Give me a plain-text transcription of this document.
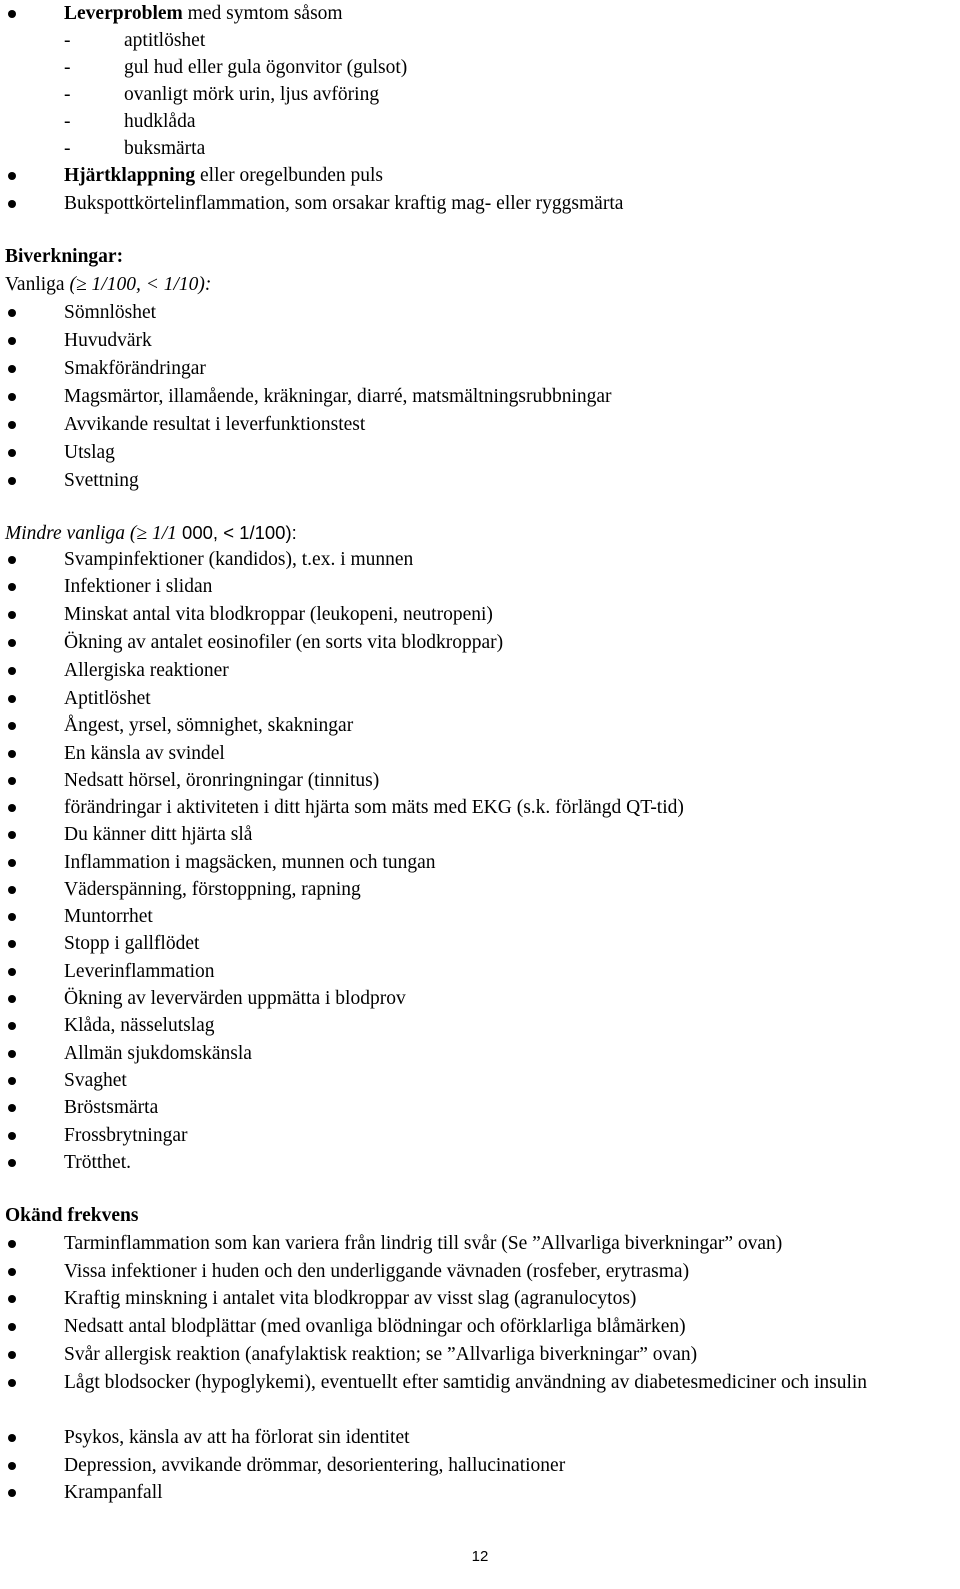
Leverproblem med symtom såsom
-	aptitlöshet
-	gul hud eller gula ögonvitor (gulsot)
-	ovanligt mörk urin, ljus avföring
-	hudklåda
-	buksmärta
Hjärtklappning eller oregelbunden puls
Bukspottkörtelinflammation, som orsakar kraftig mag- eller ryggsmärta
Biverkningar:
Vanliga (≥ 1/100, < 1/10):
Sömnlöshet
Huvudvärk
Smakförändringar
Magsmärtor, illamående, kräkningar, diarré, matsmältningsrubbningar
Avvikande resultat i leverfunktionstest
Utslag
Svettning
Mindre vanliga (≥ 1/1 000, < 1/100):
Svampinfektioner (kandidos), t.ex. i munnen
Infektioner i slidan
Minskat antal vita blodkroppar (leukopeni, neutropeni)
Ökning av antalet eosinofiler (en sorts vita blodkroppar)
Allergiska reaktioner
Aptitlöshet
Ångest, yrsel, sömnighet, skakningar
En känsla av svindel
Nedsatt hörsel, öronringningar (tinnitus)
förändringar i aktiviteten i ditt hjärta som mäts med EKG (s.k. förlängd QT-tid)
Du känner ditt hjärta slå
Inflammation i magsäcken, munnen och tungan
Väderspänning, förstoppning, rapning
Muntorrhet
Stopp i gallflödet
Leverinflammation
Ökning av levervärden uppmätta i blodprov
Klåda, nässelutslag
Allmän sjukdomskänsla
Svaghet
Bröstsmärta
Frossbrytningar
Trötthet.
Okänd frekvens
Tarminflammation som kan variera från lindrig till svår (Se ”Allvarliga biverkningar” ovan)
Vissa infektioner i huden och den underliggande vävnaden (rosfeber, erytrasma)
Kraftig minskning i antalet vita blodkroppar av visst slag (agranulocytos)
Nedsatt antal blodplättar (med ovanliga blödningar och oförklarliga blåmärken)
Svår allergisk reaktion (anafylaktisk reaktion; se ”Allvarliga biverkningar” ovan)
Lågt blodsocker (hypoglykemi), eventuellt efter samtidig användning av diabetesmediciner och insulin
Psykos, känsla av att ha förlorat sin identitet
Depression, avvikande drömmar, desorientering, hallucinationer
Krampanfall
12
